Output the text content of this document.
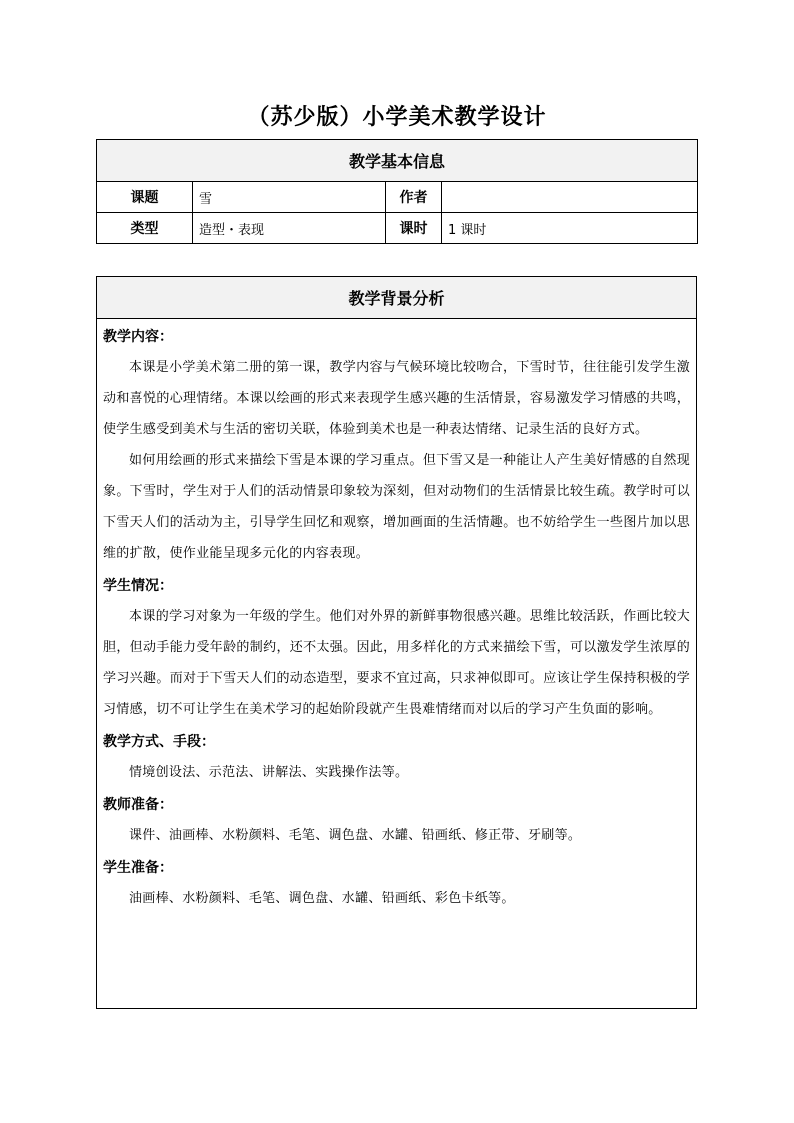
（苏少版）小学美术教学设计
教学基本信息			
课题	雪	作者	
类型	造型・表现	课时	1 课时
教学背景分析

教学内容：

本课是小学美术第二册的第一课，教学内容与气候环境比较吻合，下雪时节，往往能引发学生激动和喜悦的心理情绪。本课以绘画的形式来表现学生感兴趣的生活情景，容易激发学习情感的共鸣，使学生感受到美术与生活的密切关联，体验到美术也是一种表达情绪、记录生活的良好方式。

如何用绘画的形式来描绘下雪是本课的学习重点。但下雪又是一种能让人产生美好情感的自然现象。下雪时，学生对于人们的活动情景印象较为深刻，但对动物们的生活情景比较生疏。教学时可以下雪天人们的活动为主，引导学生回忆和观察，增加画面的生活情趣。也不妨给学生一些图片加以思维的扩散，使作业能呈现多元化的内容表现。

学生情况：

本课的学习对象为一年级的学生。他们对外界的新鲜事物很感兴趣。思维比较活跃，作画比较大胆，但动手能力受年龄的制约，还不太强。因此，用多样化的方式来描绘下雪，可以激发学生浓厚的学习兴趣。而对于下雪天人们的动态造型，要求不宜过高，只求神似即可。应该让学生保持积极的学习情感，切不可让学生在美术学习的起始阶段就产生畏难情绪而对以后的学习产生负面的影响。

教学方式、手段：

情境创设法、示范法、讲解法、实践操作法等。

教师准备：

课件、油画棒、水粉颜料、毛笔、调色盘、水罐、铅画纸、修正带、牙刷等。

学生准备：

油画棒、水粉颜料、毛笔、调色盘、水罐、铅画纸、彩色卡纸等。
